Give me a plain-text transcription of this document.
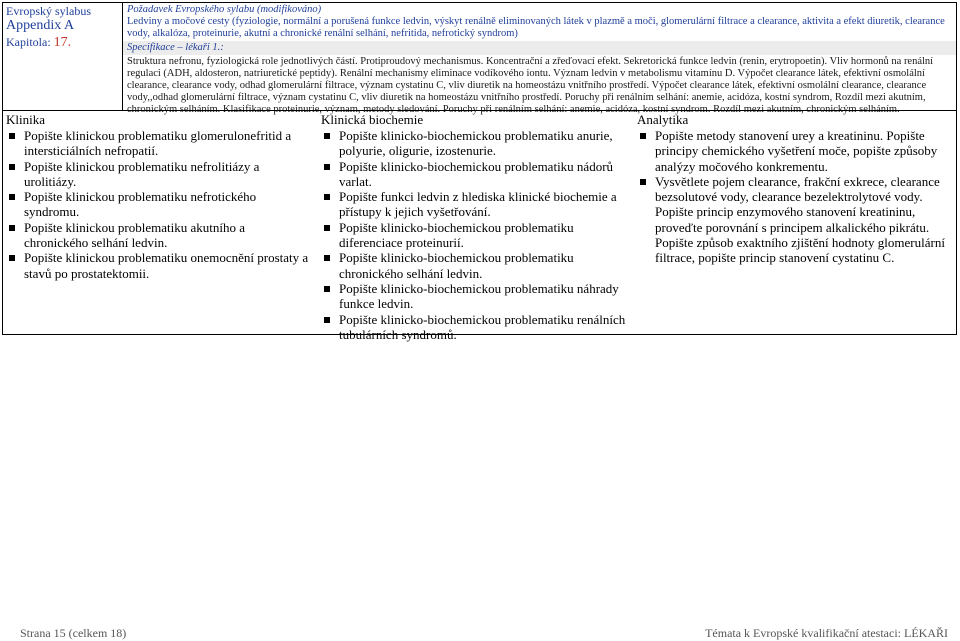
Evropský sylabus
Appendix A
Kapitola: 17.
Požadavek Evropského sylabu (modifikováno)
Ledviny a močové cesty (fyziologie, normální a porušená funkce ledvin, výskyt renálně eliminovaných látek v plazmě a moči, glomerulární filtrace a clearance, aktivita a efekt diuretik, clearance vody, alkalóza, proteinurie, akutní a chronické renální selhání, nefritida, nefrotický syndrom)
Specifikace – lékaři 1.:
Struktura nefronu, fyziologická role jednotlivých částí. Protiproudový mechanismus. Koncentrační a zřeďovací efekt. Sekretorická funkce ledvin (renin, erytropoetin). Vliv hormonů na renální regulaci (ADH, aldosteron, natriuretické peptidy). Renální mechanismy eliminace vodíkového iontu. Význam ledvin v metabolismu vitamínu D. Výpočet clearance látek, efektivní osmolální clearance, clearance vody, odhad glomerulární filtrace, význam cystatinu C, vliv diuretik na homeostázu vnitřního prostředí. Výpočet clearance látek, efektivní osmolální clearance, clearance vody,,odhad glomerulární filtrace, význam cystatinu C, vliv diuretik na homeostázu vnitřního prostředí. Poruchy při renálním selhání: anemie, acidóza, kostní syndrom, Rozdíl mezi akutním,
Klinika
Popište klinickou problematiku glomerulonefritid a intersticiálních nefropatií.
Popište klinickou problematiku nefrolitiázy a urolitiázy.
Popište klinickou problematiku nefrotického syndromu.
Popište klinickou problematiku akutního a chronického selhání ledvin.
Popište klinickou problematiku onemocnění prostaty a stavů po prostatektomii.
Klinická biochemie
Popište klinicko-biochemickou problematiku anurie, polyurie, oligurie, izostenurie.
Popište klinicko-biochemickou problematiku nádorů varlat.
Popište funkci ledvin z hlediska klinické biochemie a přístupy k jejich vyšetřování.
Popište klinicko-biochemickou problematiku diferenciace proteinurií.
Popište klinicko-biochemickou problematiku chronického selhání ledvin.
Popište klinicko-biochemickou problematiku náhrady funkce ledvin.
Popište klinicko-biochemickou problematiku renálních tubulárních syndromů.
Analytika
Popište metody stanovení urey a kreatininu. Popište principy chemického vyšetření moče, popište způsoby analýzy močového konkrementu.
Vysvětlete pojem clearance, frakční exkrece, clearance bezsolutové vody, clearance bezelektrolytové vody. Popište princip enzymového stanovení kreatininu, proveďte porovnání s principem alkalického pikrátu. Popište způsob exaktního zjištění hodnoty glomerulární filtrace, popište princip stanovení cystatinu C.
Strana 15 (celkem 18)	Témata k Evropské kvalifikační atestaci: LÉKAŘI
